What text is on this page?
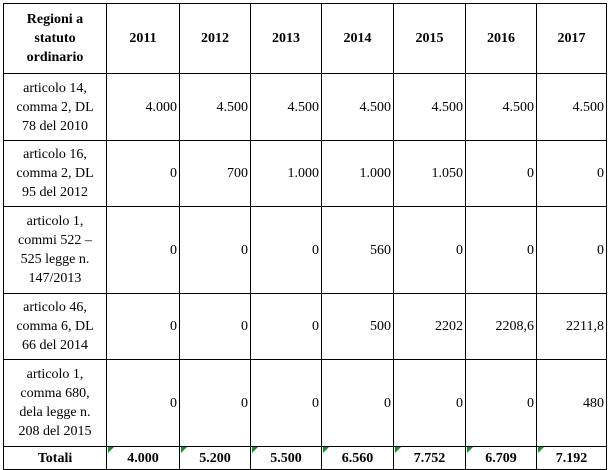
Regioni a
statuto
ordinario	2011	2012	2013	2014	2015	2016	2017

articolo 14,
comma 2, DL
78 del 2010	4.000	4.500	4.500	4.500	4.500	4.500	4.500

articolo 16,
comma 2, DL
95 del 2012	0	700	1.000	1.000	1.050	0	0

articolo 1,
commi 522 –
525 legge n.
147/2013	0	0	0	560	0	0	0

articolo 46,
comma 6, DL
66 del 2014	0	0	0	500	2202	2208,6	2211,8

articolo 1,
comma 680,
dela legge n.
208 del 2015	0	0	0	0	0	0	480
Totali	4.000	5.200	5.500	6.560	7.752	6.709	7.192
